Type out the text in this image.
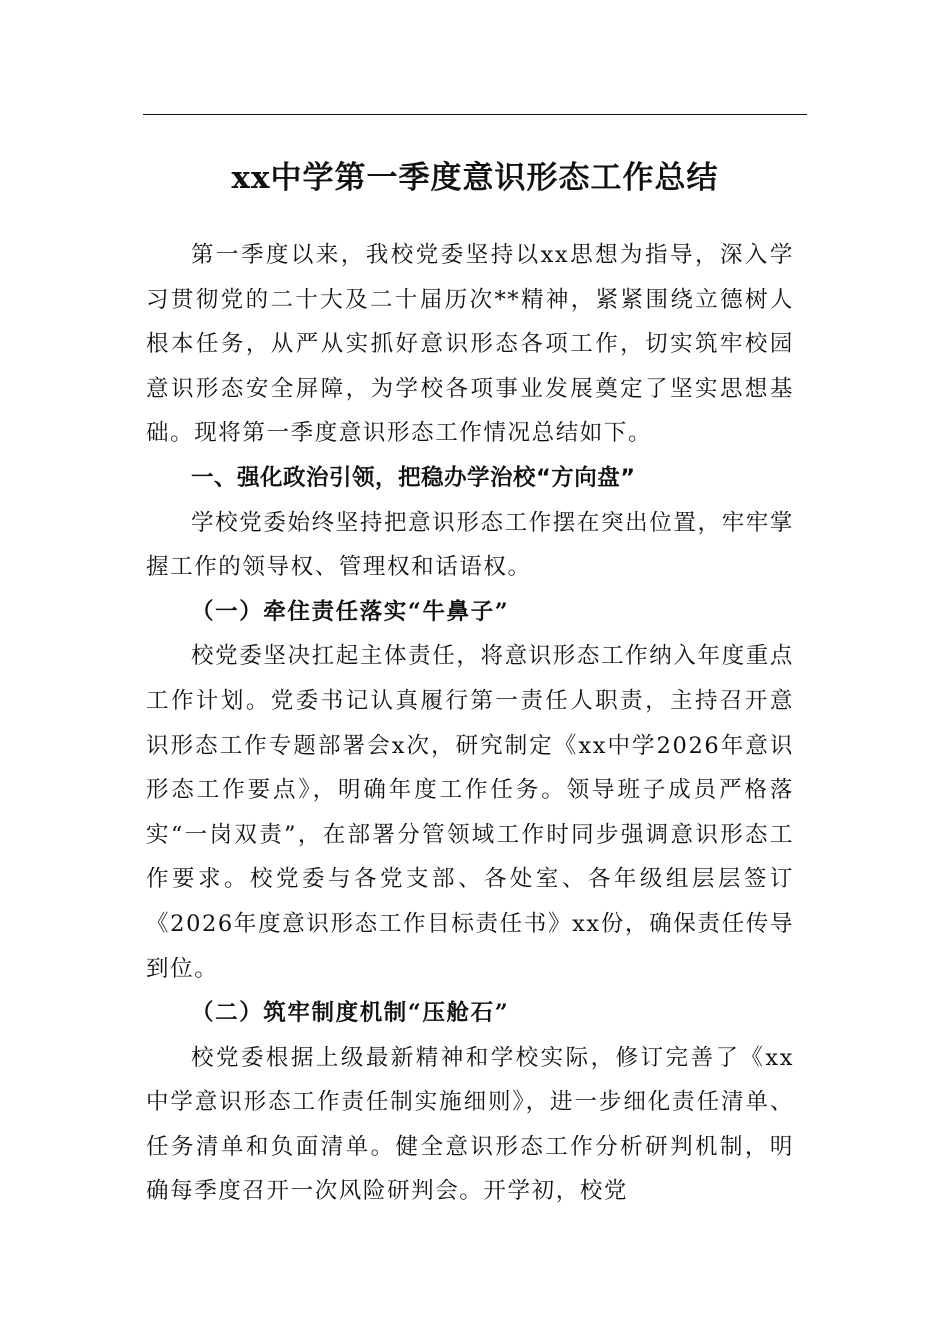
xx中学第一季度意识形态工作总结

第一季度以来，我校党委坚持以xx思想为指导，深入学习贯彻党的二十大及二十届历次**精神，紧紧围绕立德树人根本任务，从严从实抓好意识形态各项工作，切实筑牢校园意识形态安全屏障，为学校各项事业发展奠定了坚实思想基础。现将第一季度意识形态工作情况总结如下。

一、强化政治引领，把稳办学治校“方向盘”

学校党委始终坚持把意识形态工作摆在突出位置，牢牢掌握工作的领导权、管理权和话语权。

（一）牵住责任落实“牛鼻子”

校党委坚决扛起主体责任，将意识形态工作纳入年度重点工作计划。党委书记认真履行第一责任人职责，主持召开意识形态工作专题部署会x次，研究制定《xx中学2026年意识形态工作要点》，明确年度工作任务。领导班子成员严格落实“一岗双责”，在部署分管领域工作时同步强调意识形态工作要求。校党委与各党支部、各处室、各年级组层层签订《2026年度意识形态工作目标责任书》xx份，确保责任传导到位。

（二）筑牢制度机制“压舱石”

校党委根据上级最新精神和学校实际，修订完善了《xx中学意识形态工作责任制实施细则》，进一步细化责任清单、任务清单和负面清单。健全意识形态工作分析研判机制，明确每季度召开一次风险研判会。开学初，校党
